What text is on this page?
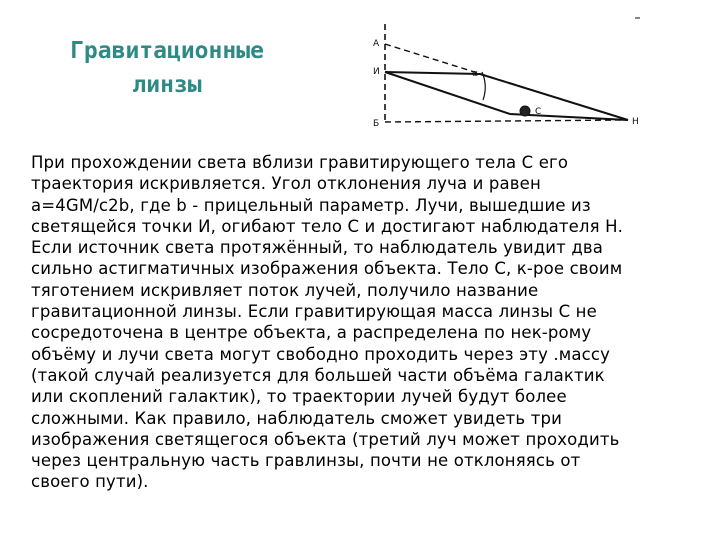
Гравитационные
линзы
А
И
Б
α
С
Н
При прохождении света вблизи гравитирующего тела С его
траектория искривляется. Угол отклонения луча и равен
a=4GM/c2b, где b - прицельный параметр. Лучи, вышедшие из
светящейся точки И, огибают тело С и достигают наблюдателя Н.
Если источник света протяжённый, то наблюдатель увидит два
сильно астигматичных изображения объекта. Тело С, к-рое своим
тяготением искривляет поток лучей, получило название
гравитационной линзы. Если гравитирующая масса линзы С не
сосредоточена в центре объекта, а распределена по нек-рому
объёму и лучи света могут свободно проходить через эту .массу
(такой случай реализуется для большей части объёма галактик
или скоплений галактик), то траектории лучей будут более
сложными. Как правило, наблюдатель сможет увидеть три
изображения светящегося объекта (третий луч может проходить
через центральную часть гравлинзы, почти не отклоняясь от
своего пути).
